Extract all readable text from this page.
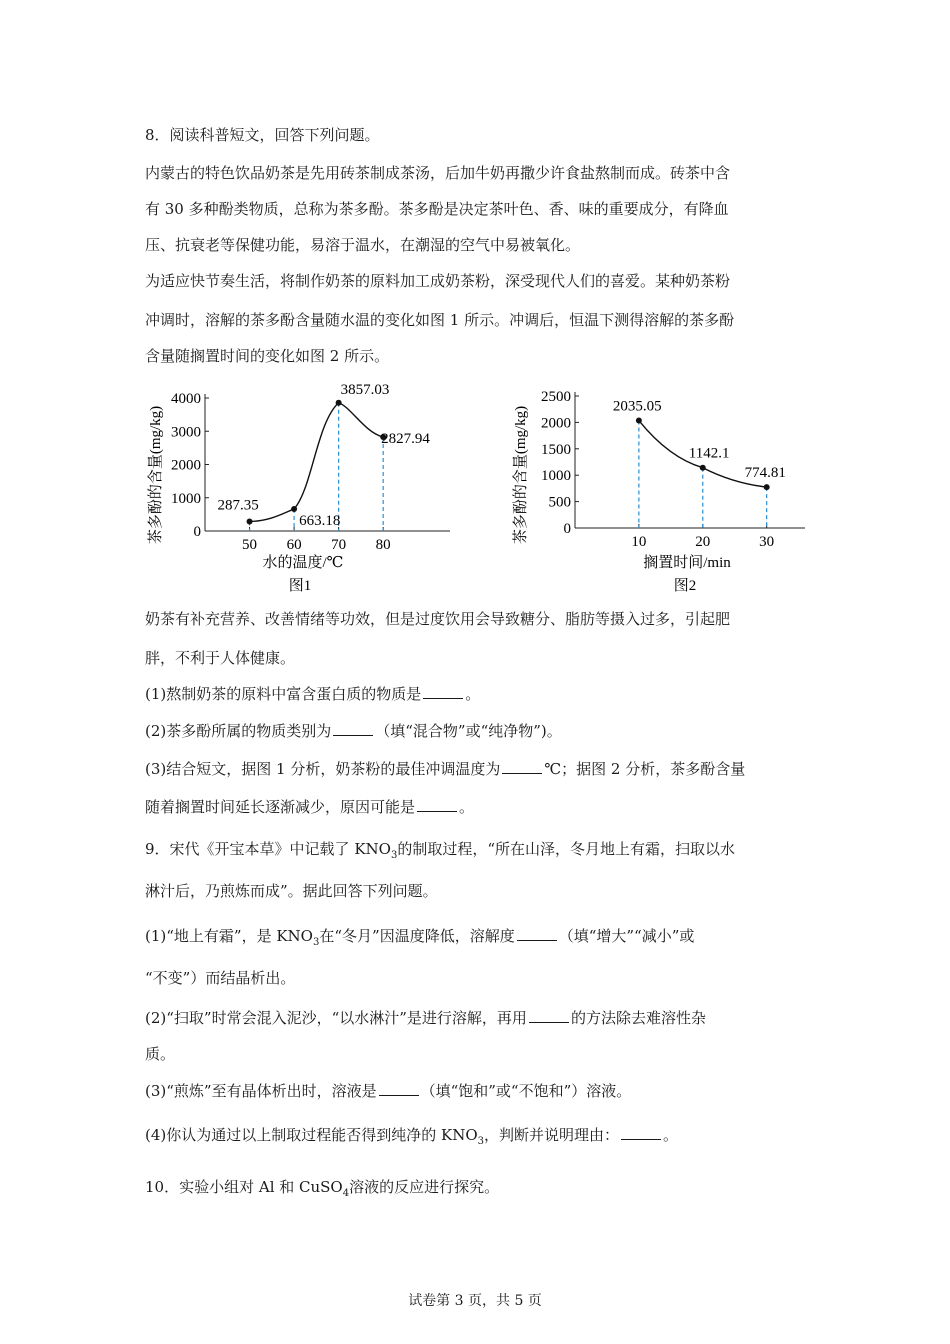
8．阅读科普短文，回答下列问题。
内蒙古的特色饮品奶茶是先用砖茶制成茶汤，后加牛奶再撒少许食盐熬制而成。砖茶中含
有 30 多种酚类物质，总称为茶多酚。茶多酚是决定茶叶色、香、味的重要成分，有降血
压、抗衰老等保健功能，易溶于温水，在潮湿的空气中易被氧化。
为适应快节奏生活，将制作奶茶的原料加工成奶茶粉，深受现代人们的喜爱。某种奶茶粉
冲调时，溶解的茶多酚含量随水温的变化如图 1 所示。冲调后，恒温下测得溶解的茶多酚
含量随搁置时间的变化如图 2 所示。
0
1000
2000
3000
4000
50 60 70 80
287.35
663.18
3857.03
2827.94
茶多酚的含量(mg/kg)
水的温度/℃
图1
0
500
1000
1500
2000
2500
10	20	30
2035.05
1142.1
774.81
茶多酚的含量(mg/kg)
搁置时间/min
图2
奶茶有补充营养、改善情绪等功效，但是过度饮用会导致糖分、脂肪等摄入过多，引起肥
胖，不利于人体健康。
(1)熬制奶茶的原料中富含蛋白质的物质是	。
(2)茶多酚所属的物质类别为	（填“混合物”或“纯净物”)。
(3)结合短文，据图 1 分析，奶茶粉的最佳冲调温度为	℃；据图 2 分析，茶多酚含量
随着搁置时间延长逐渐减少，原因可能是	。
9．宋代《开宝本草》中记载了 $KNO_3$的制取过程，“所在山泽，冬月地上有霜，扫取以水
淋汁后，乃煎炼而成”。据此回答下列问题。
(1)“地上有霜”，是 $KNO_3$在“冬月”因温度降低，溶解度	（填“增大”“减小”或
“不变”）而结晶析出。
(2)“扫取”时常会混入泥沙，“以水淋汁”是进行溶解，再用	的方法除去难溶性杂
质。
(3)“煎炼”至有晶体析出时，溶液是	（填“饱和”或“不饱和”）溶液。
(4)你认为通过以上制取过程能否得到纯净的 $KNO_3$，判断并说明理由：	。
10．实验小组对 Al 和 CuSO$_4$溶液的反应进行探究。
试卷第 3 页，共 5 页
